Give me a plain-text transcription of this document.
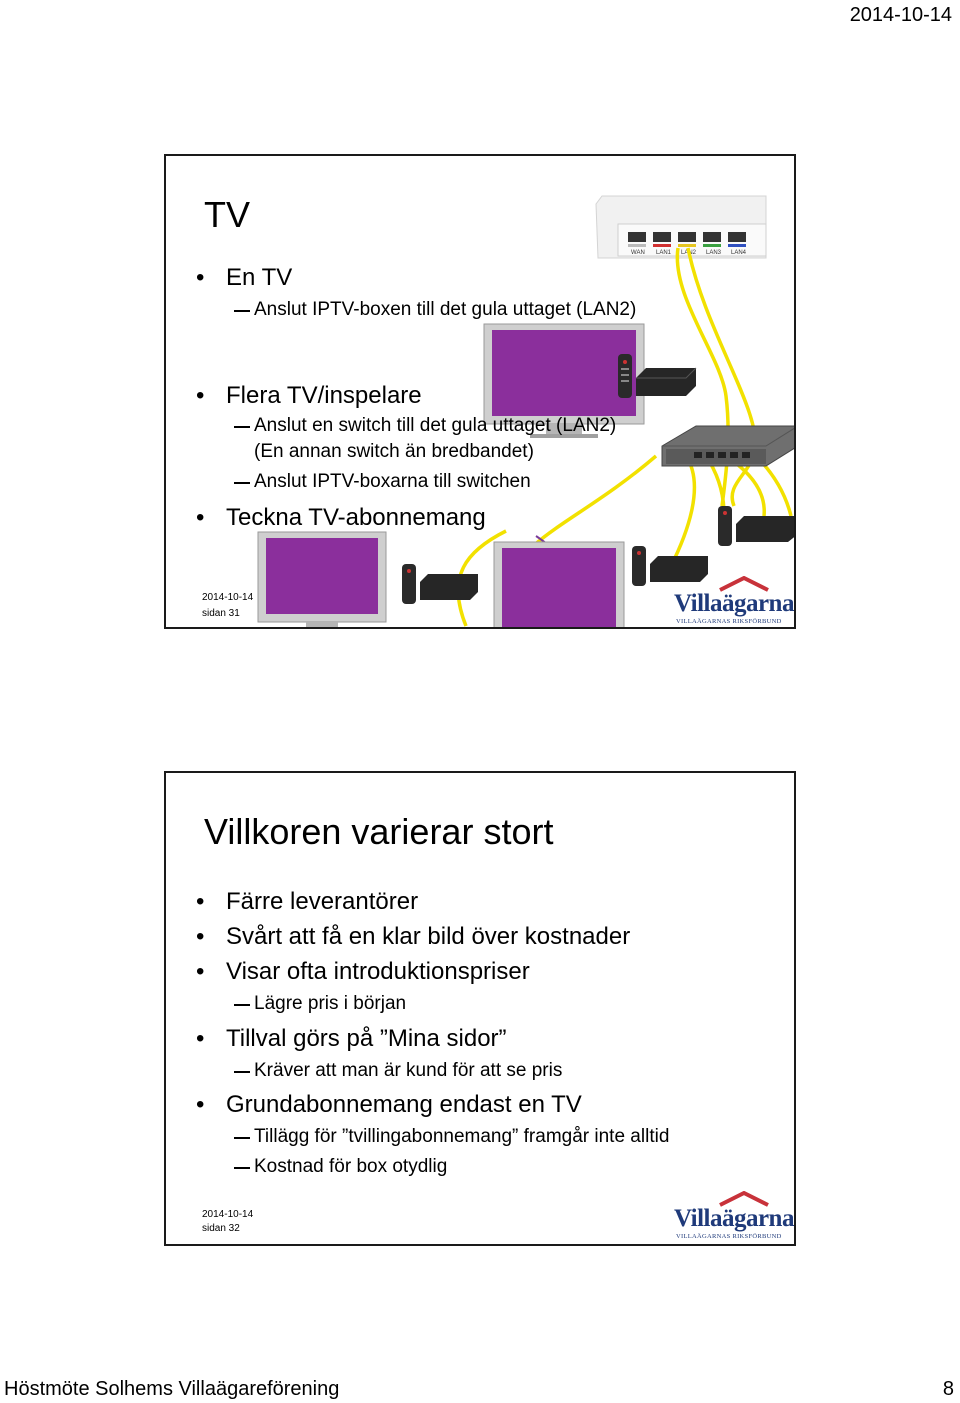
2014-10-14
WAN LAN1 LAN2 LAN3 LAN4
TV
• En TV
Anslut IPTV-boxen till det gula uttaget (LAN2)
• Flera TV/inspelare
Anslut en switch till det gula uttaget (LAN2)
(En annan switch än bredbandet)
Anslut IPTV-boxarna till switchen
• Teckna TV-abonnemang
2014-10-14
sidan 31	Villaägarna
VILLAÄGARNAS RIKSFÖRBUND
Villkoren varierar stort
• Färre leverantörer
• Svårt att få en klar bild över kostnader
• Visar ofta introduktionspriser
Lägre pris i början
• Tillval görs på ”Mina sidor”
Kräver att man är kund för att se pris
• Grundabonnemang endast en TV
Tillägg för ”tvillingabonnemang” framgår inte alltid
Kostnad för box otydlig
2014-10-14
sidan 32	Villaägarna
VILLAÄGARNAS RIKSFÖRBUND
Höstmöte Solhems Villaägareförening	8
